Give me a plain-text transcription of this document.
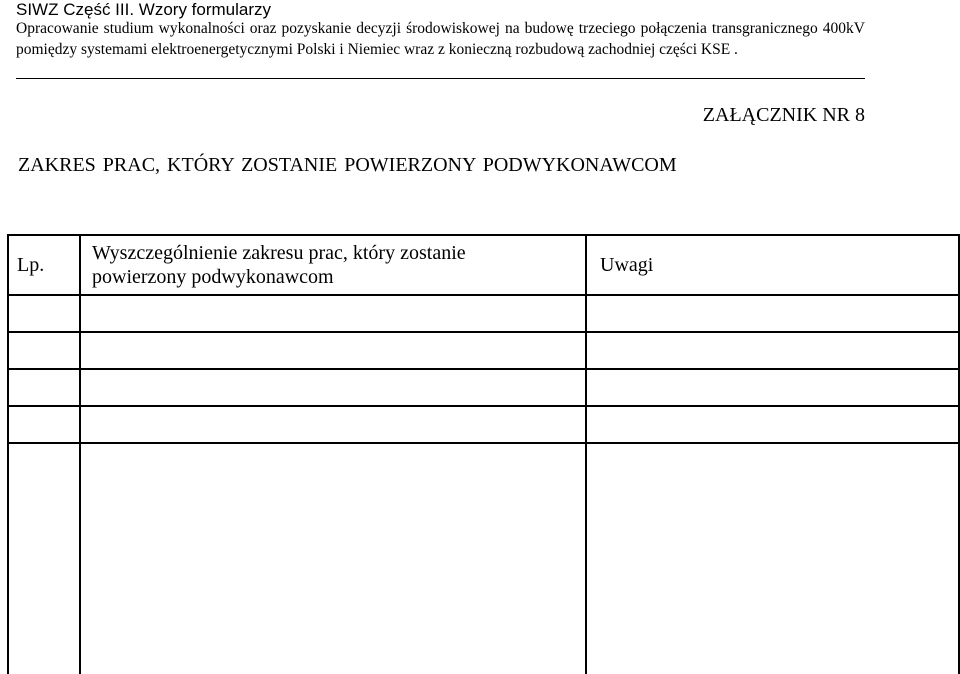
SIWZ Część III. Wzory formularzy
Opracowanie studium wykonalności oraz pozyskanie decyzji środowiskowej na budowę trzeciego połączenia transgranicznego 400kV pomiędzy systemami elektroenergetycznymi Polski i Niemiec wraz z konieczną rozbudową zachodniej części KSE .
ZAŁĄCZNIK NR 8
ZAKRES PRAC, KTÓRY ZOSTANIE POWIERZONY PODWYKONAWCOM
Lp.	Wyszczególnienie zakresu prac, który zostanie powierzony podwykonawcom	Uwagi
